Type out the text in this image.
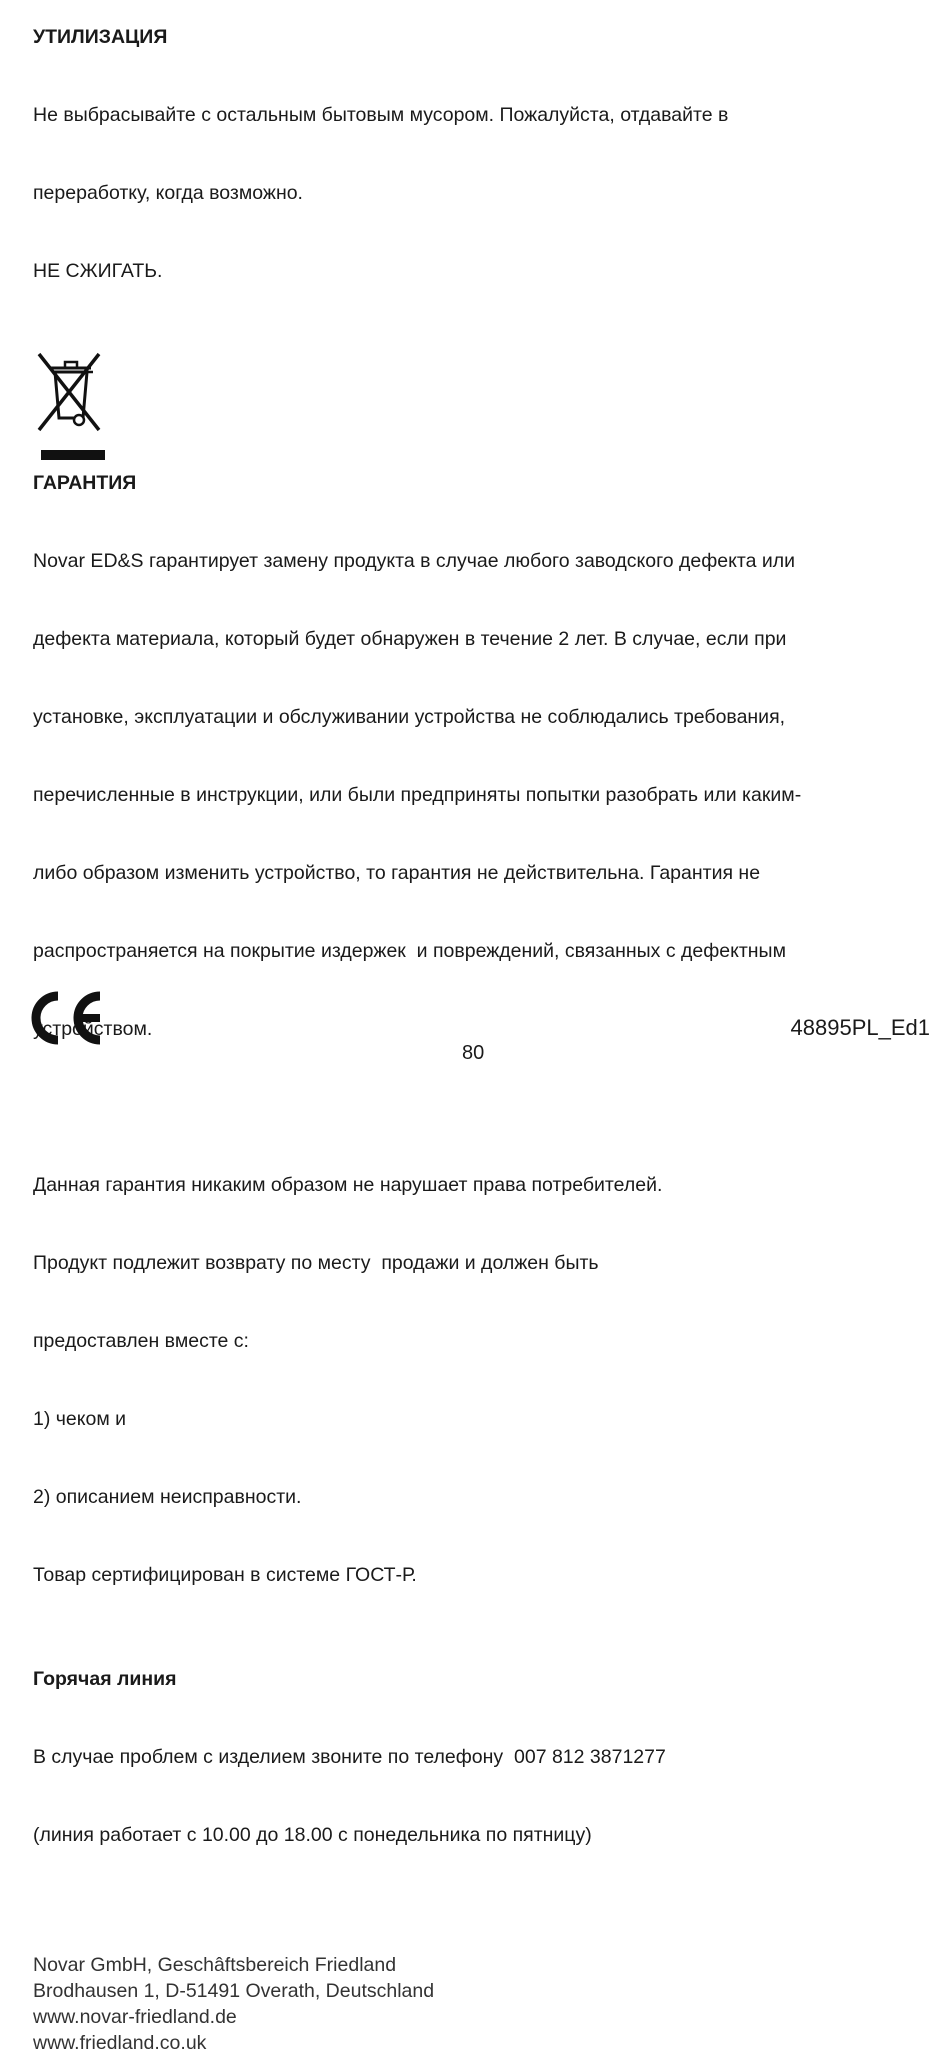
УТИЛИЗАЦИЯ

Не выбрасывайте с остальным бытовым мусором. Пожалуйста, отдавайте в

переработку, когда возможно.

НЕ СЖИГАТЬ.

ГАРАНТИЯ

Novar ED&S гарантирует замену продукта в случае любого заводского дефекта или

дефекта материала, который будет обнаружен в течение 2 лет. В случае, если при

установке, эксплуатации и обслуживании устройства не соблюдались требования,

перечисленные в инструкции, или были предприняты попытки разобрать или каким-

либо образом изменить устройство, то гарантия не действительна. Гарантия не

распространяется на покрытие издержек  и повреждений, связанных с дефектным

устройством.

Данная гарантия никаким образом не нарушает права потребителей.

Продукт подлежит возврату по месту  продажи и должен быть

предоставлен вместе с:

1) чеком и

2) описанием неисправности.

Товар сертифицирован в системе ГОСТ-Р.

Горячая линия

В случае проблем с изделием звоните по телефону  007 812 3871277

(линия работает с 10.00 до 18.00 с понедельника по пятницу)

Novar GmbH, Geschâftsbereich Friedland
Brodhausen 1, D-51491 Overath, Deutschland
www.novar-friedland.de
www.friedland.co.uk
48895PL_Ed1
80
